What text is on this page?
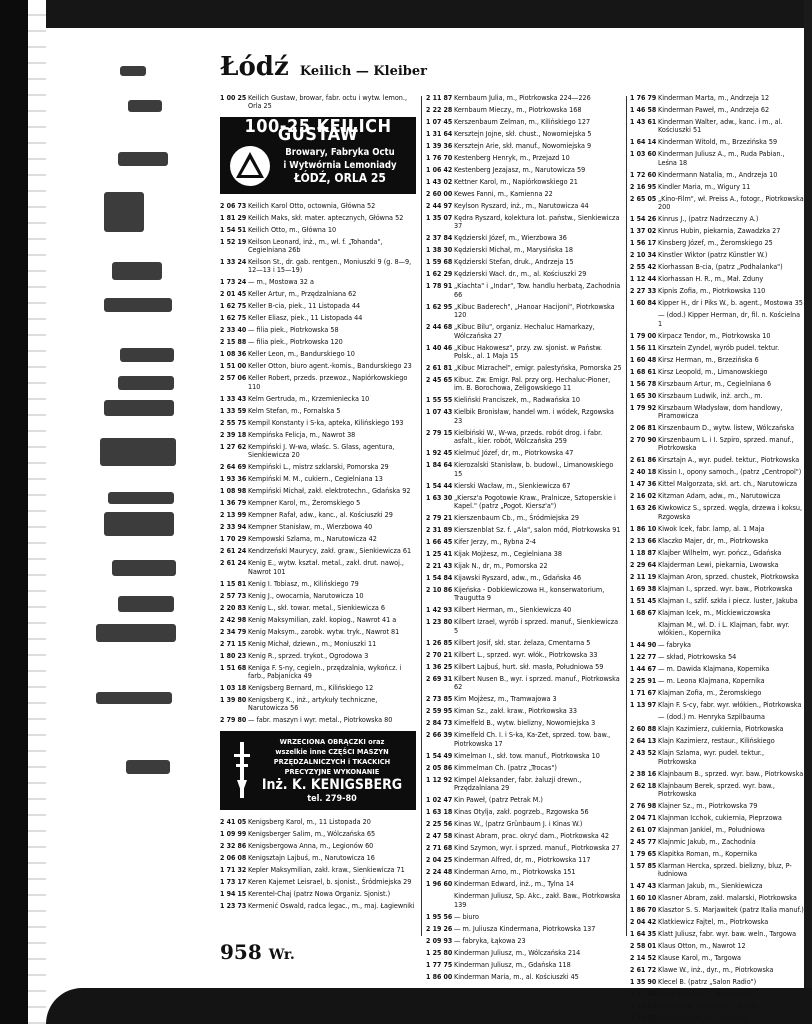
Łódź Keilich — Kleiber
1 00 25 Keilich Gustaw, browar, fabr. octu i wytw. lemon., Orla 25
100-25 KEILICH GUSTAW
Browary, Fabryka Octu
i Wytwórnia Lemoniady
ŁÓDŹ, ORLA 25
2 06 73 Keilich Karol Otto, octownia, Główna 52
1 81 29 Keilich Maks, skł. mater. aptecznych, Główna 52
1 54 51 Keilich Otto, m., Główna 10
1 52 19 Keilson Leonard, inż., m., wł. f. „Tohanda", Cegielniana 26b
1 33 24 Keilson St., dr. gab. rentgen., Moniuszki 9 (g. 8—9, 12—13 i 15—19)
1 73 24 — m., Mostowa 32 a
2 01 45 Keller Artur, m., Przędzalniana 62
1 62 75 Keller B-cia, piek., 11 Listopada 44
1 62 75 Keller Eliasz, piek., 11 Listopada 44
2 33 40 — filia piek., Piotrkowska 58
2 15 88 — filia piek., Piotrkowska 120
1 08 36 Keller Leon, m., Bandurskiego 10
1 51 00 Keller Otton, biuro agent.-komis., Bandurskiego 23
2 57 06 Keller Robert, przeds. przewoz., Napiórkowskiego 110
1 33 43 Kelm Gertruda, m., Krzemieniecka 10
1 33 59 Kelm Stefan, m., Fornalska 5
2 55 75 Kempil Konstanty i S-ka, apteka, Kilińskiego 193
2 39 18 Kempińska Felicja, m., Nawrot 38
1 27 62 Kempiński J. W-wa, właśc. S. Glass, agentura, Sienkiewicza 20
2 64 69 Kempiński L., mistrz szklarski, Pomorska 29
1 93 36 Kempiński M. M., cukiern., Cegielniana 13
1 08 98 Kempiński Michał, zakł. elektrotechn., Gdańska 92
1 36 79 Kempner Karol, m., Żeromskiego 5
2 13 99 Kempner Rafał, adw., kanc., al. Kościuszki 29
2 33 94 Kempner Stanisław, m., Wierzbowa 40
1 70 29 Kempowski Szlama, m., Narutowicza 42
2 61 24 Kendrzeński Maurycy, zakł. graw., Sienkiewicza 61
2 61 24 Kenig E., wytw. kształ. metal., zakł. drut. nawoj., Nawrot 101
1 15 81 Kenig I. Tobiasz, m., Kilińskiego 79
2 57 73 Kenig J., owocarnia, Narutowicza 10
2 20 83 Kenig L., skł. towar. metal., Sienkiewicza 6
2 42 98 Kenig Maksymilian, zakł. kopiog., Nawrot 41 a
2 34 79 Kenig Maksym., zarobk. wytw. tryk., Nawrot 81
2 71 15 Kenig Michał, dziewn., m., Moniuszki 11
1 80 23 Kenig R., sprzed. trykot., Ogrodowa 3
1 51 68 Keniga F. S-ny, cegieln., przędzalnia, wykończ. i farb., Pabjanicka 49
1 03 18 Kenigsberg Bernard, m., Kilińskiego 12
1 39 80 Kenigsberg K., inż., artykuły techniczne, Narutowicza 56
2 79 80 — fabr. maszyn i wyr. metal., Piotrkowska 80
WRZECIONA OBRĄCZKI oraz
wszelkie inne CZĘŚCI MASZYN
PRZĘDZALNICZYCH i TKACKICH
PRECYZYJNE WYKONANIE
Inż. K. KENIGSBERG
tel. 279-80
2 41 05 Kenigsberg Karol, m., 11 Listopada 20
1 09 99 Kenigsberger Salim, m., Wólczańska 65
2 32 86 Kenigsbergowa Anna, m., Legionów 60
2 06 08 Kenigsztajn Lajbuś, m., Narutowicza 16
1 71 32 Kepler Maksymilian, zakł. kraw., Sienkiewicza 71
1 73 17 Keren Kajemet Leisrael, b. sjonist., Śródmiejska 29
1 94 15 Kerentel-Chaj (patrz Nowa Organiz. Sjonist.)
1 23 73 Kermenić Oswald, radca legac., m., maj. Łagiewniki
2 11 87 Kernbaum Julia, m., Piotrkowska 224—226
2 22 28 Kernbaum Mieczy., m., Piotrkowska 168
1 07 45 Kerszenbaum Zelman, m., Kilińskiego 127
1 31 64 Kersztejn Jojne, skł. chust., Nowomiejska 5
1 39 36 Kersztejn Arie, skł. manuf., Nowomiejska 9
1 76 70 Kestenberg Henryk, m., Przejazd 10
1 06 42 Kestenberg Jezajasz, m., Narutowicza 59
1 43 02 Kettner Karol, m., Napiórkowskiego 21
2 60 00 Kewes Fanni, m., Kamienna 22
2 44 97 Keylson Ryszard, inż., m., Narutowicza 44
1 35 07 Kędra Ryszard, kolektura lot. państw., Sienkiewicza 37
2 37 84 Kędzierski Józef, m., Wierzbowa 36
1 38 30 Kędzierski Michał, m., Marysińska 18
1 59 68 Kędzierski Stefan, druk., Andrzeja 15
1 62 29 Kędzierski Wacł. dr., m., al. Kościuszki 29
1 78 91 „Kiachta" i „Indar", Tow. handlu herbatą, Zachodnia 66
1 62 95 „Kibuc Baderech", „Hanoar Hacijoni", Piotrkowska 120
2 44 68 „Kibuc Bilu", organiz. Hechaluc Hamarkazy, Wólczańska 27
1 40 46 „Kibuc Hakowesz", przy. zw. sjonist. w Państw. Polsk., al. 1 Maja 15
2 61 81 „Kibuc Mizrachel", emigr. palestyńska, Pomorska 25
2 45 65 Kibuc. Zw. Emigr. Pal. przy org. Hechaluc-Pioner, im. B. Borochowa, Zeligowskiego 11
1 55 55 Kieliński Franciszek, m., Radwańska 10
1 07 43 Kielbik Bronisław, handel wm. i wódek, Rzgowska 23
2 79 15 Kielbiński W., W-wa, przeds. robót drog. i fabr. asfalt., kier. robót, Wólczańska 259
1 92 45 Kielmuć Józef, dr, m., Piotrkowska 47
1 84 64 Kierozalski Stanisław, b. budowl., Limanowskiego 15
1 54 44 Kierski Wacław, m., Sienkiewicza 67
1 63 30 „Kiersz'a Pogotowie Kraw., Pralnicze, Sztoperskie i Kapel." (patrz „Pogot. Kiersz'a")
2 79 21 Kierszenbaum Cb., m., Śródmiejska 29
2 31 89 Kierszenblat Sz. f. „Ala", salon mód, Piotrkowska 91
1 66 45 Kifer Jerzy, m., Rybna 2-4
1 25 41 Kijak Mojżesz, m., Cegielniana 38
2 21 43 Kijak N., dr, m., Pomorska 22
1 54 84 Kijawski Ryszard, adw., m., Gdańska 46
2 10 86 Kijeńska - Dobkiewiczowa H., konserwatorium, Traugutta 9
1 42 93 Kilbert Herman, m., Sienkiewicza 40
1 23 80 Kilbert Izrael, wyrób i sprzed. manuf., Sienkiewicza 5
1 26 85 Kilbert Josif, skł. star. żelaza, Cmentarna 5
2 70 21 Kilbert L., sprzed. wyr. włók., Piotrkowska 33
1 36 25 Kilbert Lajbuś, hurt. skł. masła, Południowa 59
2 69 31 Kilbert Nusen B., wyr. i sprzed. manuf., Piotrkowska 62
2 73 85 Kim Mojżesz, m., Tramwajowa 3
2 59 95 Kiman Sz., zakł. kraw., Piotrkowska 33
2 84 73 Kimelfeld B., wytw. bielizny, Nowomiejska 3
2 66 39 Kimelfeld Ch. I. i S-ka, Ka-Zet, sprzed. tow. baw., Piotrkowska 17
1 54 49 Kimelman I., skł. tow. manuf., Piotrkowska 10
2 05 86 Kimmelman Ch. (patrz „Trocas")
1 12 92 Kimpel Aleksander, fabr. żaluzji drewn., Przędzalniana 29
1 02 47 Kin Paweł, (patrz Petrak M.)
1 63 18 Kinas Otylja, zakł. pogrzeb., Rzgowska 56
2 25 56 Kinas W., (patrz Grünbaum J. i Kinas W.)
2 47 58 Kinast Abram, prac. okryć dam., Piotrkowska 42
2 71 68 Kind Szymon, wyr. i sprzed. manuf., Piotrkowska 27
2 04 25 Kinderman Alfred, dr, m., Piotrkowska 117
2 24 48 Kinderman Arno, m., Piotrkowska 151
1 96 60 Kinderman Edward, inż., m., Tylna 14
Kinderman Juliusz, Sp. Akc., zakł. Baw., Piotrkowska 139
1 95 56 — biuro
2 19 26 — m. Juliusza Kindermana, Piotrkowska 137
2 09 93 — fabryka, Łąkowa 23
1 25 80 Kinderman Juliusz, m., Wólczańska 214
1 77 75 Kinderman Juliusz, m., Gdańska 118
1 86 00 Kinderman Maria, m., al. Kościuszki 45
1 76 79 Kinderman Marta, m., Andrzeja 12
1 46 58 Kinderman Paweł, m., Andrzeja 62
1 43 61 Kinderman Walter, adw., kanc. i m., al. Kościuszki 51
1 64 14 Kinderman Witold, m., Brzezińska 59
1 03 60 Kinderman Juliusz A., m., Ruda Pabian., Leśna 18
1 72 60 Kindermann Natalia, m., Andrzeja 10
2 16 95 Kindler Maria, m., Wigury 11
2 65 05 „Kino-Film", wł. Preiss A., fotogr., Piotrkowska 200
1 54 26 Kinrus J., (patrz Nadrzeczny A.)
1 37 02 Kinrus Hubin, piekarnia, Zawadzka 27
1 56 17 Kinsberg Józef, m., Żeromskiego 25
2 10 34 Kinstler Wiktor (patrz Künstler W.)
2 55 42 Kiorhassan B-cia, (patrz „Podhalanka")
1 12 44 Kiorhassan H. R., m., Mał. Zduny
2 27 33 Kipnis Zofia, m., Piotrkowska 110
1 60 84 Kipper H., dr i Piks W., b. agent., Mostowa 35
— (dod.) Kipper Herman, dr, fil. n. Kościelna 1
1 79 00 Kirpacz Tendor, m., Piotrkowska 10
1 56 11 Kirsztein Zyndel, wyrób pudeł. tektur.
1 60 48 Kirsz Herman, m., Brzezińska 6
1 68 61 Kirsz Leopold, m., Limanowskiego
1 56 78 Kirszbaum Artur, m., Cegielniana 6
1 65 30 Kirszbaum Ludwik, inż. arch., m.
1 79 92 Kirszbaum Władysław, dom handlowy, Piramowicza
2 06 81 Kirszenbaum D., wytw. listew, Wólczańska
2 70 90 Kirszenbaum L. i I. Szpiro, sprzed. manuf., Piotrkowska
2 61 86 Kirsztajn A., wyr. pudeł. tektur., Piotrkowska
2 40 18 Kissin I., opony samoch., (patrz „Centropol")
1 47 36 Kittel Malgorzata, skł. art. ch., Narutowicza
2 16 02 Kitzman Adam, adw., m., Narutowicza
1 63 26 Kiwkowicz S., sprzed. węgla, drzewa i koksu, Rzgowska
1 86 10 Kiwok Icek, fabr. lamp, al. 1 Maja
2 13 66 Klaczko Majer, dr, m., Piotrkowska
1 18 87 Klajber Wilhelm, wyr. pończ., Gdańska
2 29 64 Klajderman Lewi, piekarnia, Lwowska
2 11 19 Klajman Aron, sprzed. chustek, Piotrkowska
1 69 38 Klajman I., sprzed. wyr. baw., Piotrkowska
1 51 45 Klajman I., szlif. szkła i piecz. luster, Jakuba
1 68 67 Klajman Icek, m., Mickiewiczowska
Klajman M., wł. D. i L. Klajman, fabr. wyr. włókien., Kopernika
1 44 90 — fabryka
1 22 77 — skład, Piotrkowska 54
1 44 67 — m. Dawida Klajmana, Kopernika
2 25 91 — m. Leona Klajmana, Kopernika
1 71 67 Klajman Zofia, m., Żeromskiego
1 13 97 Klajn F. S-cy, fabr. wyr. włókien., Piotrkowska
— (dod.) m. Henryka Szpilbauma
2 60 88 Klajn Kazimierz, cukiernia, Piotrkowska
2 64 13 Klajn Kazimierz, restaur., Kilińskiego
2 43 52 Klajn Szlama, wyr. pudeł. tektur., Piotrkowska
2 38 16 Klajnbaum B., sprzed. wyr. baw., Piotrkowska
2 62 18 Klajnbaum Berek, sprzed. wyr. baw., Piotrkowska
2 76 98 Klajner Sz., m., Piotrkowska 79
2 04 71 Klajnman Icchok, cukiernia, Pieprzowa
2 61 07 Klajnman Jankiel, m., Południowa
2 45 77 Klajnmic Jakub, m., Zachodnia
1 79 65 Klapitka Roman, m., Kopernika
1 57 85 Klarman Hercka, sprzed. bielizny, bluz, P-łudniowa
1 47 43 Klarman Jakub, m., Sienkiewicza
1 60 10 Klasner Abram, zakł. malarski, Piotrkowska
1 86 70 Klasztor S. S. Marjawitek (patrz Italia manuf.)
2 04 42 Klatkiewicz Fajtel, m., Piotrkowska
1 64 35 Klatt Juliusz, fabr. wyr. baw. weln., Targowa
2 58 01 Klaus Otton, m., Nawrot 12
2 14 52 Klause Karol, m., Targowa
2 61 72 Klawe W., inż., dyr., m., Piotrkowska
1 35 90 Klecel B. (patrz „Salon Radio")
1 27 66 Kleckl Jakub, m., Piotrkowska
2 72 54 Kleczewski Litman, m., Lipowa
2 29 03 Kleiber Paweł, m., Sosnowa
958 Wr.
